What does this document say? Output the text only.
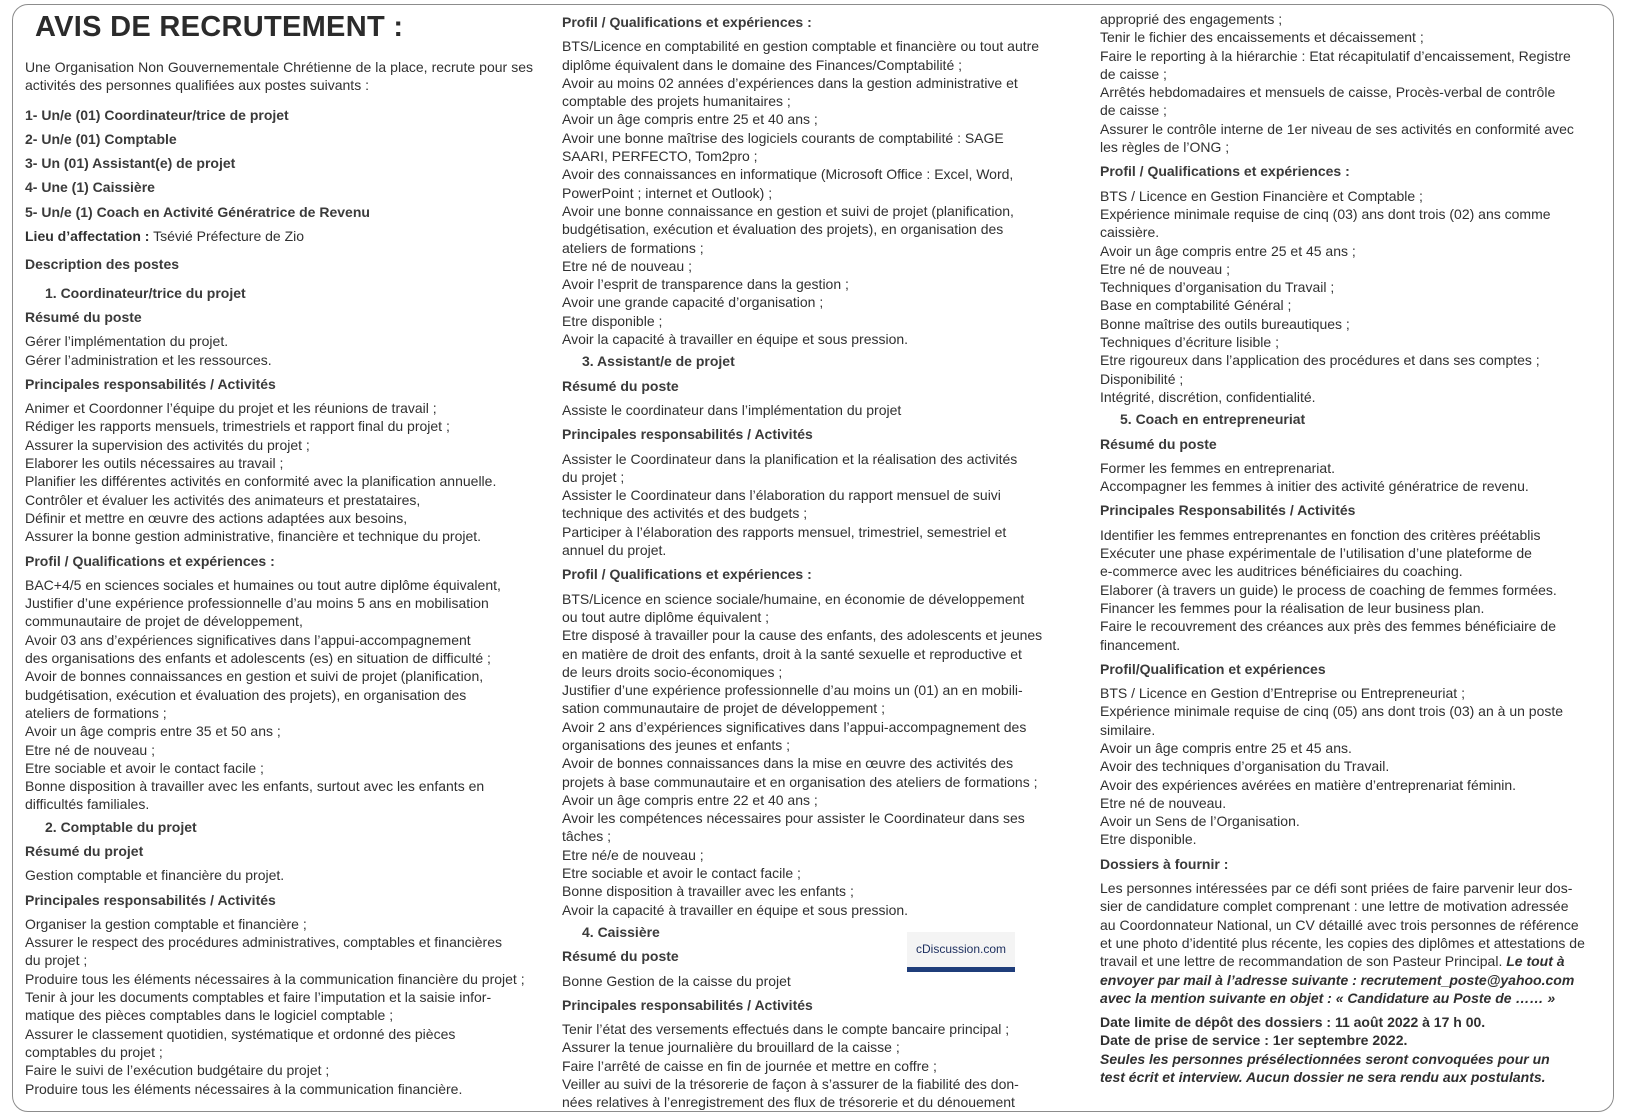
AVIS DE RECRUTEMENT :
Une Organisation Non Gouvernementale Chrétienne de la place, recrute pour ses activités des personnes qualifiées aux postes suivants :
1- Un/e (01) Coordinateur/trice de projet
2- Un/e (01) Comptable
3- Un (01) Assistant(e) de projet
4- Une (1) Caissière
5- Un/e (1) Coach en Activité Génératrice de Revenu
Lieu d’affectation : Tsévié Préfecture de Zio
Description des postes
1. Coordinateur/trice du projet
Résumé du poste
Gérer l’implémentation du projet.
Gérer l’administration et les ressources.
Principales responsabilités / Activités
Animer et Coordonner l’équipe du projet et les réunions de travail ;
Rédiger les rapports mensuels, trimestriels et rapport final du projet ;
Assurer la supervision des activités du projet ;
Elaborer les outils nécessaires au travail ;
Planifier les différentes activités en conformité avec la planification annuelle.
Contrôler et évaluer les activités des animateurs et prestataires,
Définir et mettre en œuvre des actions adaptées aux besoins,
Assurer la bonne gestion administrative, financière et technique du projet.
Profil / Qualifications et expériences :
BAC+4/5 en sciences sociales et humaines ou tout autre diplôme équivalent,
Justifier d’une expérience professionnelle d’au moins 5 ans en mobilisation
communautaire de projet de développement,
Avoir 03 ans d’expériences significatives dans l’appui-accompagnement
des organisations des enfants et adolescents (es) en situation de difficulté ;
Avoir de bonnes connaissances en gestion et suivi de projet (planification,
budgétisation, exécution et évaluation des projets), en organisation des
ateliers de formations ;
Avoir un âge compris entre 35 et 50 ans ;
Etre né de nouveau ;
Etre sociable et avoir le contact facile ;
Bonne disposition à travailler avec les enfants, surtout avec les enfants en
difficultés familiales.
2. Comptable du projet
Résumé du projet
Gestion comptable et financière du projet.
Principales responsabilités / Activités
Organiser la gestion comptable et financière ;
Assurer le respect des procédures administratives, comptables et financières
du projet ;
Produire tous les éléments nécessaires à la communication financière du projet ;
Tenir à jour les documents comptables et faire l’imputation et la saisie infor-
matique des pièces comptables dans le logiciel comptable ;
Assurer le classement quotidien, systématique et ordonné des pièces
comptables du projet ;
Faire le suivi de l’exécution budgétaire du projet ;
Produire tous les éléments nécessaires à la communication financière.
Profil / Qualifications et expériences :
BTS/Licence en comptabilité en gestion comptable et financière ou tout autre
diplôme équivalent dans le domaine des Finances/Comptabilité ;
Avoir au moins 02 années d’expériences dans la gestion administrative et
comptable des projets humanitaires ;
Avoir un âge compris entre 25 et 40 ans ;
Avoir une bonne maîtrise des logiciels courants de comptabilité : SAGE
SAARI, PERFECTO, Tom2pro ;
Avoir des connaissances en informatique (Microsoft Office : Excel, Word,
PowerPoint ; internet et Outlook) ;
Avoir une bonne connaissance en gestion et suivi de projet (planification,
budgétisation, exécution et évaluation des projets), en organisation des
ateliers de formations ;
Etre né de nouveau ;
Avoir l’esprit de transparence dans la gestion ;
Avoir une grande capacité d’organisation ;
Etre disponible ;
Avoir la capacité à travailler en équipe et sous pression.
3. Assistant/e de projet
Résumé du poste
Assiste le coordinateur dans l’implémentation du projet
Principales responsabilités / Activités
Assister le Coordinateur dans la planification et la réalisation des activités
du projet ;
Assister le Coordinateur dans l’élaboration du rapport mensuel de suivi
technique des activités et des budgets ;
Participer à l’élaboration des rapports mensuel, trimestriel, semestriel et
annuel du projet.
Profil / Qualifications et expériences :
BTS/Licence en science sociale/humaine, en économie de développement
ou tout autre diplôme équivalent ;
Etre disposé à travailler pour la cause des enfants, des adolescents et jeunes
en matière de droit des enfants, droit à la santé sexuelle et reproductive et
de leurs droits socio-économiques ;
Justifier d’une expérience professionnelle d’au moins un (01) an en mobili-
sation communautaire de projet de développement ;
Avoir 2 ans d’expériences significatives dans l’appui-accompagnement des
organisations des jeunes et enfants ;
Avoir de bonnes connaissances dans la mise en œuvre des activités des
projets à base communautaire et en organisation des ateliers de formations ;
Avoir un âge compris entre 22 et 40 ans ;
Avoir les compétences nécessaires pour assister le Coordinateur dans ses
tâches ;
Etre né/e de nouveau ;
Etre sociable et avoir le contact facile ;
Bonne disposition à travailler avec les enfants ;
Avoir la capacité à travailler en équipe et sous pression.
4. Caissière
Résumé du poste
Bonne Gestion de la caisse du projet
Principales responsabilités / Activités
Tenir l’état des versements effectués dans le compte bancaire principal ;
Assurer la tenue journalière du brouillard de la caisse ;
Faire l’arrêté de caisse en fin de journée et mettre en coffre ;
Veiller au suivi de la trésorerie de façon à s’assurer de la fiabilité des don-
nées relatives à l’enregistrement des flux de trésorerie et du dénouement
approprié des engagements ;
Tenir le fichier des encaissements et décaissement ;
Faire le reporting à la hiérarchie : Etat récapitulatif d’encaissement, Registre
de caisse ;
Arrêtés hebdomadaires et mensuels de caisse, Procès-verbal de contrôle
de caisse ;
Assurer le contrôle interne de 1er niveau de ses activités en conformité avec
les règles de l’ONG ;
Profil / Qualifications et expériences :
BTS / Licence en Gestion Financière et Comptable ;
Expérience minimale requise de cinq (03) ans dont trois (02) ans comme
caissière.
Avoir un âge compris entre 25 et 45 ans ;
Etre né de nouveau ;
Techniques d’organisation du Travail ;
Base en comptabilité Général ;
Bonne maîtrise des outils bureautiques ;
Techniques d’écriture lisible ;
Etre rigoureux dans l’application des procédures et dans ses comptes ;
Disponibilité ;
Intégrité, discrétion, confidentialité.
5. Coach en entrepreneuriat
Résumé du poste
Former les femmes en entreprenariat.
Accompagner les femmes à initier des activité génératrice de revenu.
Principales Responsabilités / Activités
Identifier les femmes entreprenantes en fonction des critères préétablis
Exécuter une phase expérimentale de l’utilisation d’une plateforme de
e-commerce avec les auditrices bénéficiaires du coaching.
Elaborer (à travers un guide) le process de coaching de femmes formées.
Financer les femmes pour la réalisation de leur business plan.
Faire le recouvrement des créances aux près des femmes bénéficiaire de
financement.
Profil/Qualification et expériences
BTS / Licence en Gestion d’Entreprise ou Entrepreneuriat ;
Expérience minimale requise de cinq (05) ans dont trois (03) an à un poste
similaire.
Avoir un âge compris entre 25 et 45 ans.
Avoir des techniques d’organisation du Travail.
Avoir des expériences avérées en matière d’entreprenariat féminin.
Etre né de nouveau.
Avoir un Sens de l’Organisation.
Etre disponible.
Dossiers à fournir :
Les personnes intéressées par ce défi sont priées de faire parvenir leur dos-
sier de candidature complet comprenant : une lettre de motivation adressée
au Coordonnateur National, un CV détaillé avec trois personnes de référence
et une photo d’identité plus récente, les copies des diplômes et attestations de
travail et une lettre de recommandation de son Pasteur Principal. Le tout à
envoyer par mail à l’adresse suivante : recrutement_poste@yahoo.com
avec la mention suivante en objet : « Candidature au Poste de …… »
Date limite de dépôt des dossiers : 11 août 2022 à 17 h 00.
Date de prise de service : 1er septembre 2022.
Seules les personnes présélectionnées seront convoquées pour un
test écrit et interview. Aucun dossier ne sera rendu aux postulants.
cDiscussion.com
